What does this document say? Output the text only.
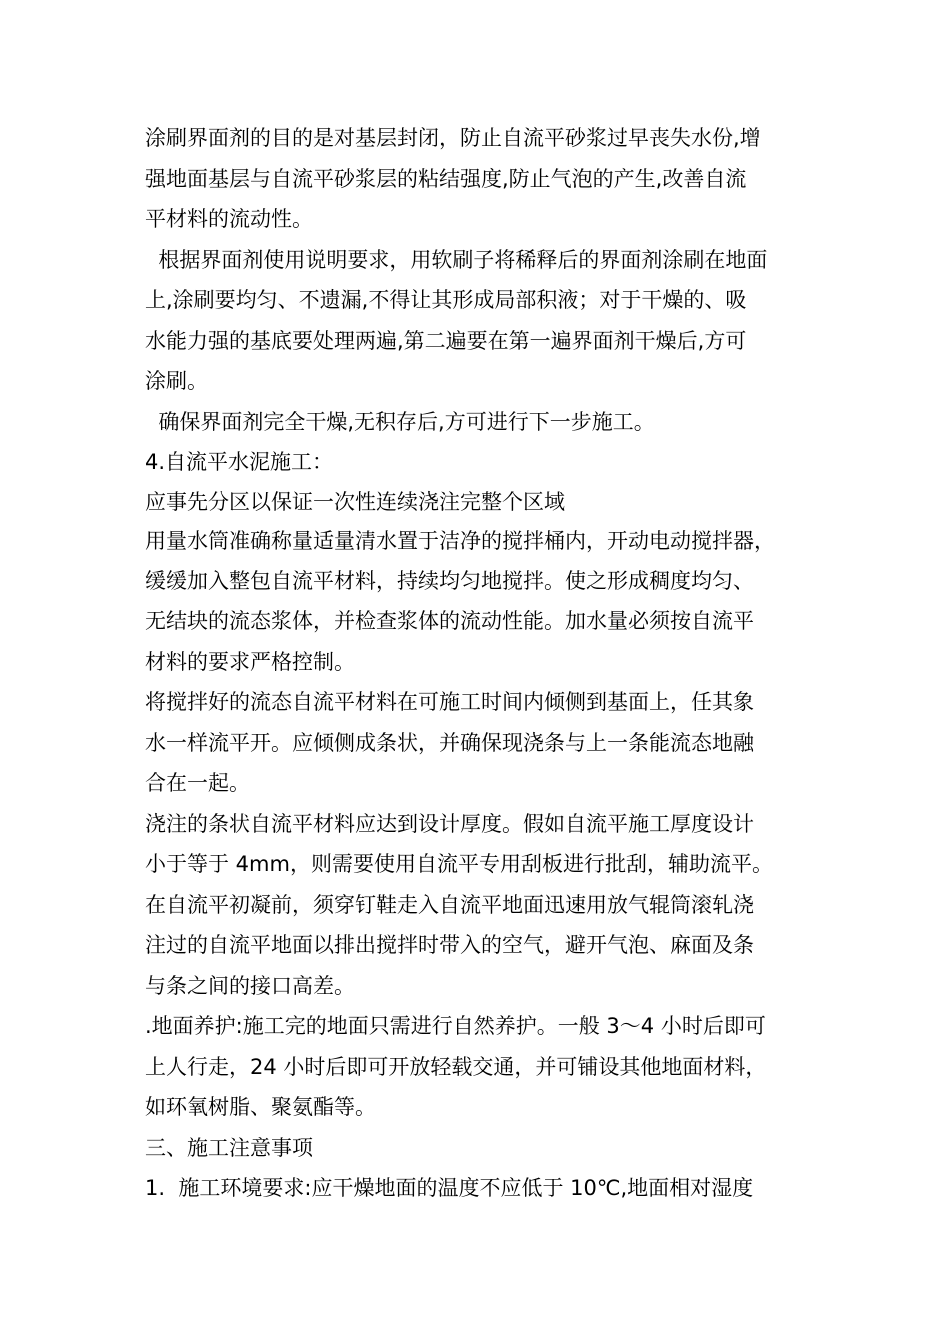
涂刷界面剂的目的是对基层封闭，防止自流平砂浆过早丧失水份,增
强地面基层与自流平砂浆层的粘结强度,防止气泡的产生,改善自流
平材料的流动性。
根据界面剂使用说明要求，用软刷子将稀释后的界面剂涂刷在地面
上,涂刷要均匀、不遗漏,不得让其形成局部积液；对于干燥的、吸
水能力强的基底要处理两遍,第二遍要在第一遍界面剂干燥后,方可
涂刷。
确保界面剂完全干燥,无积存后,方可进行下一步施工。
4.自流平水泥施工：
应事先分区以保证一次性连续浇注完整个区域
用量水筒准确称量适量清水置于洁净的搅拌桶内，开动电动搅拌器，
缓缓加入整包自流平材料，持续均匀地搅拌。使之形成稠度均匀、
无结块的流态浆体，并检查浆体的流动性能。加水量必须按自流平
材料的要求严格控制。
将搅拌好的流态自流平材料在可施工时间内倾侧到基面上，任其象
水一样流平开。应倾侧成条状，并确保现浇条与上一条能流态地融
合在一起。
浇注的条状自流平材料应达到设计厚度。假如自流平施工厚度设计
小于等于 4mm，则需要使用自流平专用刮板进行批刮，辅助流平。
在自流平初凝前，须穿钉鞋走入自流平地面迅速用放气辊筒滚轧浇
注过的自流平地面以排出搅拌时带入的空气，避开气泡、麻面及条
与条之间的接口高差。
.地面养护:施工完的地面只需进行自然养护。一般 3～4 小时后即可
上人行走，24 小时后即可开放轻载交通，并可铺设其他地面材料，
如环氧树脂、聚氨酯等。
三、施工注意事项
1.  施工环境要求:应干燥地面的温度不应低于 10℃,地面相对湿度
